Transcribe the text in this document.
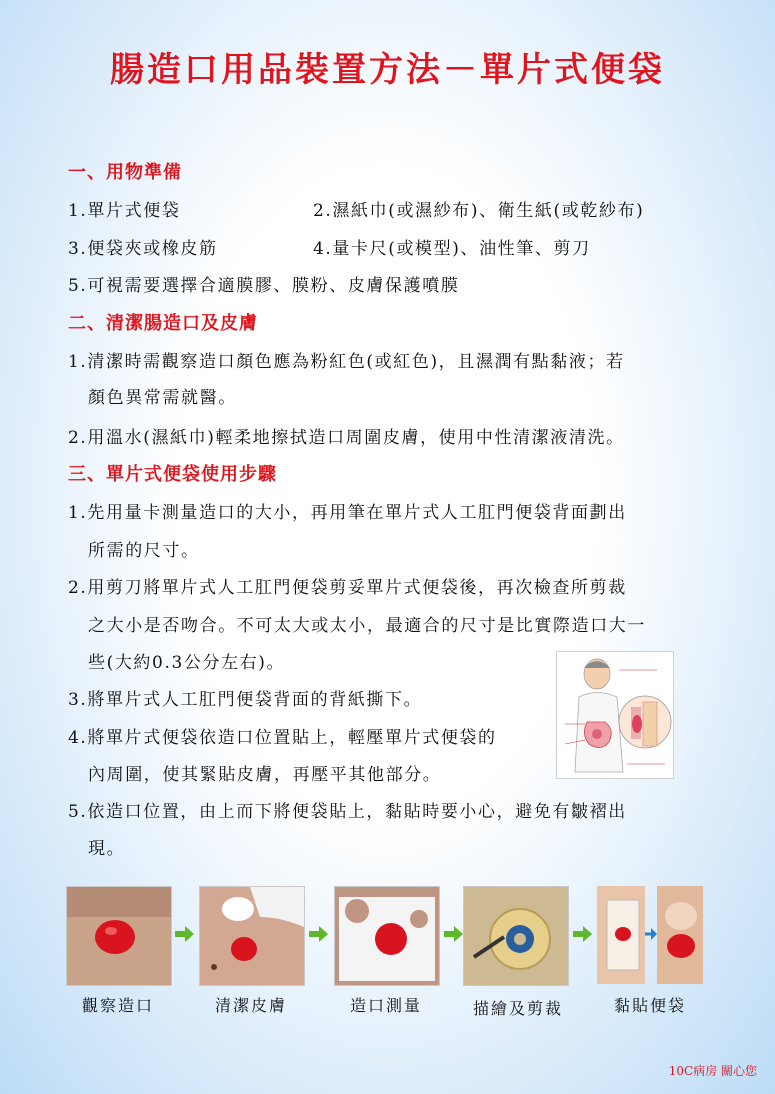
腸造口用品裝置方法－單片式便袋
一、用物準備
1.單片式便袋	2.濕紙巾(或濕紗布)、衛生紙(或乾紗布)
3.便袋夾或橡皮筋	4.量卡尺(或模型)、油性筆、剪刀
5.可視需要選擇合適膜膠、膜粉、皮膚保護噴膜
二、清潔腸造口及皮膚
1.清潔時需觀察造口顏色應為粉紅色(或紅色)，且濕潤有點黏液；若
顏色異常需就醫。
2.用溫水(濕紙巾)輕柔地擦拭造口周圍皮膚，使用中性清潔液清洗。
三、單片式便袋使用步驟
1.先用量卡測量造口的大小，再用筆在單片式人工肛門便袋背面劃出
所需的尺寸。
2.用剪刀將單片式人工肛門便袋剪妥單片式便袋後，再次檢查所剪裁
之大小是否吻合。不可太大或太小，最適合的尺寸是比實際造口大一
些(大約0.3公分左右)。
3.將單片式人工肛門便袋背面的背紙撕下。
4.將單片式便袋依造口位置貼上，輕壓單片式便袋的
內周圍，使其緊貼皮膚，再壓平其他部分。
5.依造口位置，由上而下將便袋貼上，黏貼時要小心，避免有皺褶出
現。
觀察造口	清潔皮膚	造口測量	描繪及剪裁	黏貼便袋
10C病房 關心您
